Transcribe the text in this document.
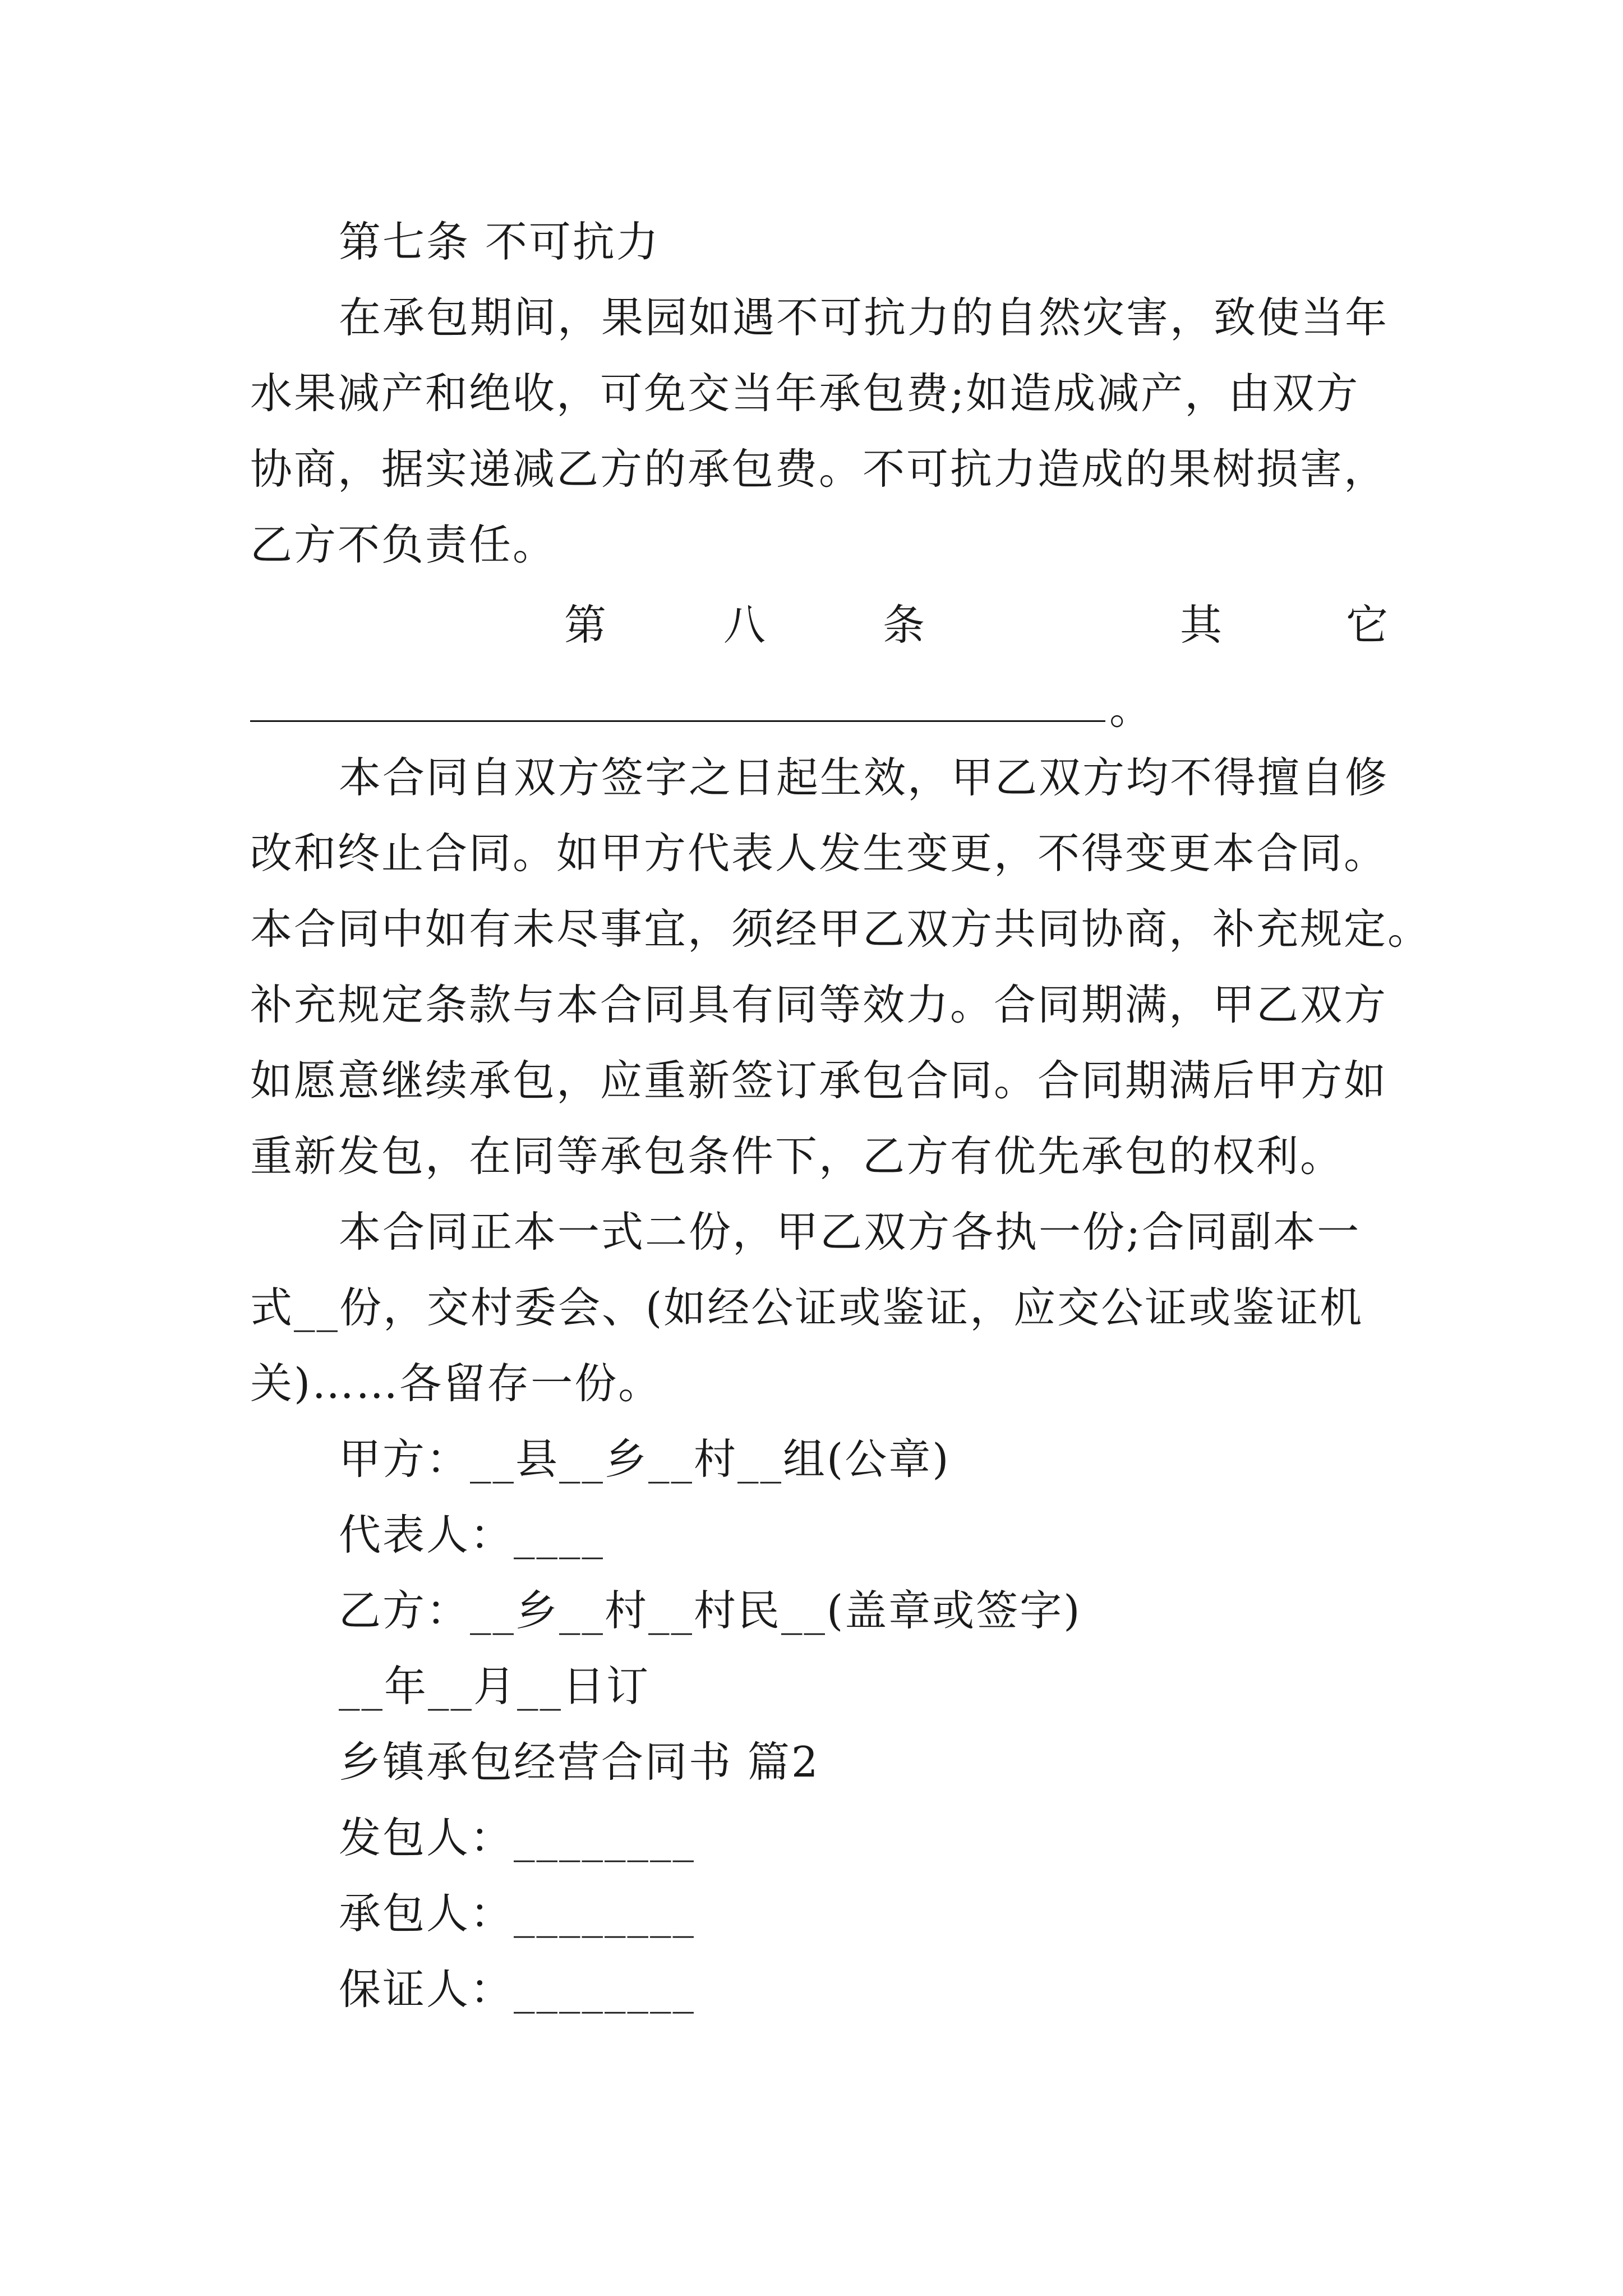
第七条 不可抗力
在承包期间，果园如遇不可抗力的自然灾害，致使当年
水果减产和绝收，可免交当年承包费;如造成减产，由双方
协商，据实递减乙方的承包费。不可抗力造成的果树损害，
乙方不负责任。
第	八	条	其	它
。
本合同自双方签字之日起生效，甲乙双方均不得擅自修
改和终止合同。如甲方代表人发生变更，不得变更本合同。
本合同中如有未尽事宜，须经甲乙双方共同协商，补充规定。
补充规定条款与本合同具有同等效力。合同期满，甲乙双方
如愿意继续承包，应重新签订承包合同。合同期满后甲方如
重新发包，在同等承包条件下，乙方有优先承包的权利。
本合同正本一式二份，甲乙双方各执一份;合同副本一
式__份，交村委会、(如经公证或鉴证，应交公证或鉴证机
关)……各留存一份。
甲方：__县__乡__村__组(公章)
代表人：____
乙方：__乡__村__村民__(盖章或签字)
__年__月__日订
乡镇承包经营合同书 篇2
发包人：________
承包人：________
保证人：________
